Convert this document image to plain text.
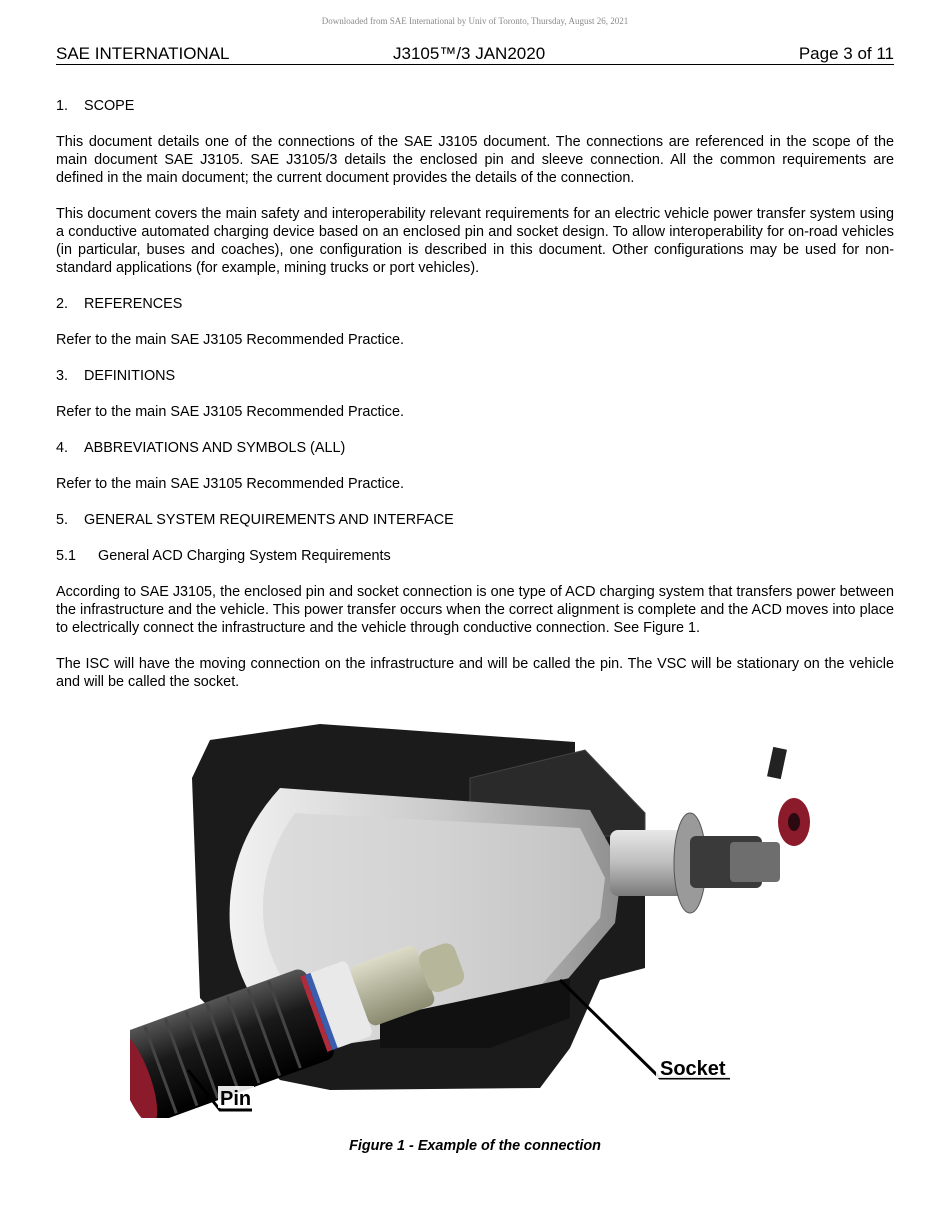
Downloaded from SAE International by Univ of Toronto, Thursday, August 26, 2021
SAE INTERNATIONAL	J3105™/3 JAN2020	Page 3 of 11
1. SCOPE

This document details one of the connections of the SAE J3105 document. The connections are referenced in the scope of the main document SAE J3105. SAE J3105/3 details the enclosed pin and sleeve connection. All the common requirements are defined in the main document; the current document provides the details of the connection.

This document covers the main safety and interoperability relevant requirements for an electric vehicle power transfer system using a conductive automated charging device based on an enclosed pin and socket design. To allow interoperability for on-road vehicles (in particular, buses and coaches), one configuration is described in this document. Other configurations may be used for non-standard applications (for example, mining trucks or port vehicles).

2. REFERENCES

Refer to the main SAE J3105 Recommended Practice.

3. DEFINITIONS

Refer to the main SAE J3105 Recommended Practice.

4. ABBREVIATIONS AND SYMBOLS (ALL)

Refer to the main SAE J3105 Recommended Practice.

5. GENERAL SYSTEM REQUIREMENTS AND INTERFACE
5.1 General ACD Charging System Requirements

According to SAE J3105, the enclosed pin and socket connection is one type of ACD charging system that transfers power between the infrastructure and the vehicle. This power transfer occurs when the correct alignment is complete and the ACD moves into place to electrically connect the infrastructure and the vehicle through conductive connection. See Figure 1.

The ISC will have the moving connection on the infrastructure and will be called the pin. The VSC will be stationary on the vehicle and will be called the socket.

Socket
Pin
Figure 1 - Example of the connection
